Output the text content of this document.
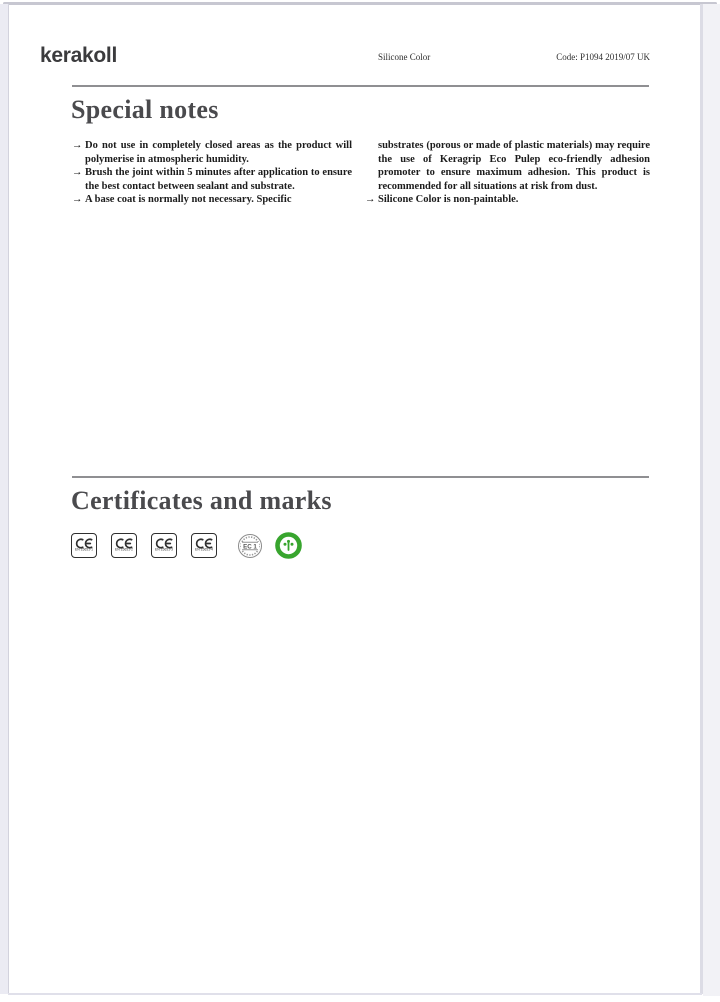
kerakoll	Silicone Color	Code: P1094 2019/07 UK
Special notes
→ Do not use in completely closed areas as the product will polymerise in atmospheric humidity.
→ Brush the joint within 5 minutes after application to ensure the best contact between sealant and substrate.
→ A base coat is normally not necessary. Specific
substrates (porous or made of plastic materials) may require the use of Keragrip Eco Pulep eco-friendly adhesion promoter to ensure maximum adhesion. This product is recommended for all situations at risk from dust.
→ Silicone Color is non-paintable.
Certificates and marks
EN 15651-1	EN 15651-2	EN 15651-3	EN 15651-4	EC 1
